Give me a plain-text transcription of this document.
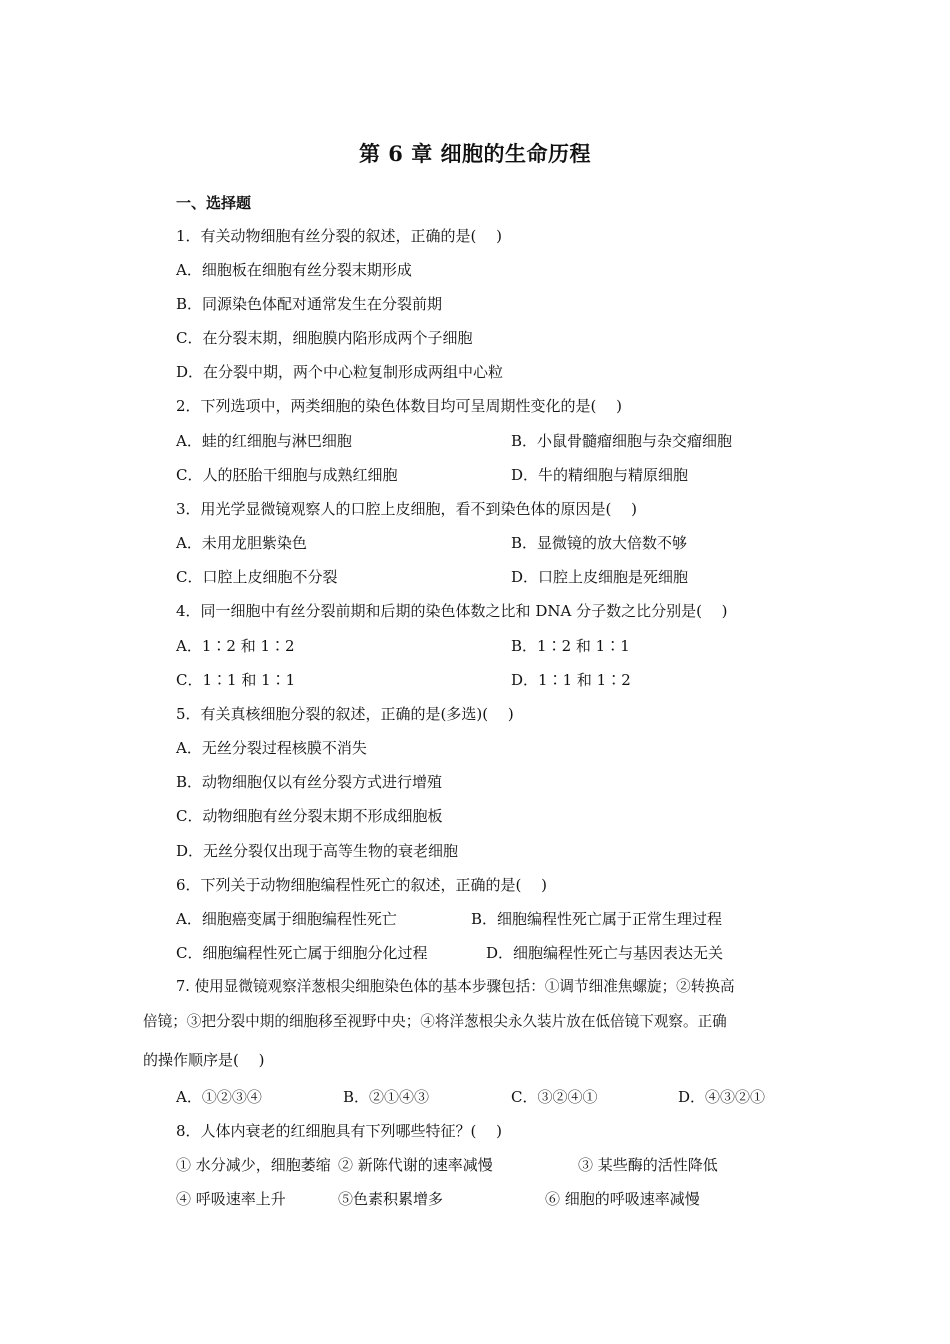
第 6 章 细胞的生命历程
一、选择题
1．有关动物细胞有丝分裂的叙述，正确的是(　 )
A．细胞板在细胞有丝分裂末期形成
B．同源染色体配对通常发生在分裂前期
C．在分裂末期，细胞膜内陷形成两个子细胞
D．在分裂中期，两个中心粒复制形成两组中心粒
2．下列选项中，两类细胞的染色体数目均可呈周期性变化的是(　 )
A．蛙的红细胞与淋巴细胞	B．小鼠骨髓瘤细胞与杂交瘤细胞
C．人的胚胎干细胞与成熟红细胞	D．牛的精细胞与精原细胞
3．用光学显微镜观察人的口腔上皮细胞，看不到染色体的原因是(　 )
A．未用龙胆紫染色	B．显微镜的放大倍数不够
C．口腔上皮细胞不分裂	D．口腔上皮细胞是死细胞
4．同一细胞中有丝分裂前期和后期的染色体数之比和 DNA 分子数之比分别是(　 )
A．1∶2 和 1∶2	B．1∶2 和 1∶1
C．1∶1 和 1∶1	D．1∶1 和 1∶2
5．有关真核细胞分裂的叙述，正确的是(多选)(　 )
A．无丝分裂过程核膜不消失
B．动物细胞仅以有丝分裂方式进行增殖
C．动物细胞有丝分裂末期不形成细胞板
D．无丝分裂仅出现于高等生物的衰老细胞
6．下列关于动物细胞编程性死亡的叙述，正确的是(　 )
A．细胞癌变属于细胞编程性死亡	B．细胞编程性死亡属于正常生理过程
C．细胞编程性死亡属于细胞分化过程	D．细胞编程性死亡与基因表达无关
7. 使用显微镜观察洋葱根尖细胞染色体的基本步骤包括：①调节细准焦螺旋；②转换高
倍镜；③把分裂中期的细胞移至视野中央；④将洋葱根尖永久装片放在低倍镜下观察。正确
的操作顺序是(　 )
A．①②③④	B．②①④③	C．③②④①	D．④③②①
8．人体内衰老的红细胞具有下列哪些特征？(　 )
① 水分减少，细胞萎缩 ② 新陈代谢的速率减慢	③ 某些酶的活性降低
④ 呼吸速率上升	⑤色素积累增多	⑥ 细胞的呼吸速率减慢
